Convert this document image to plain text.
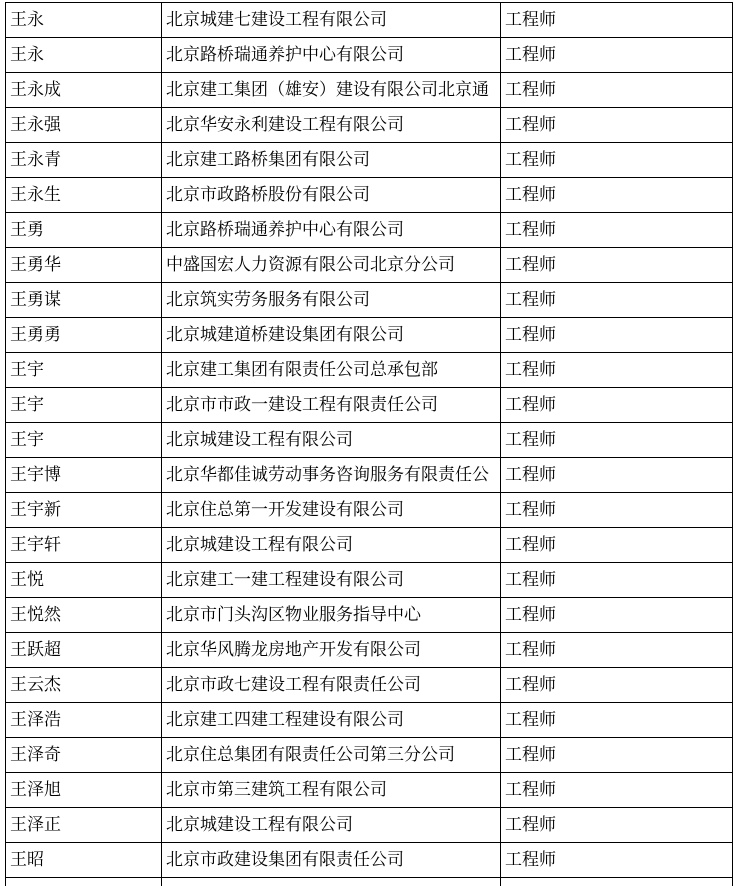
王永	北京城建七建设工程有限公司	工程师
王永	北京路桥瑞通养护中心有限公司	工程师
王永成	北京建工集团（雄安）建设有限公司北京通	工程师
王永强	北京华安永利建设工程有限公司	工程师
王永青	北京建工路桥集团有限公司	工程师
王永生	北京市政路桥股份有限公司	工程师
王勇	北京路桥瑞通养护中心有限公司	工程师
王勇华	中盛国宏人力资源有限公司北京分公司	工程师
王勇谋	北京筑实劳务服务有限公司	工程师
王勇勇	北京城建道桥建设集团有限公司	工程师
王宇	北京建工集团有限责任公司总承包部	工程师
王宇	北京市市政一建设工程有限责任公司	工程师
王宇	北京城建设工程有限公司	工程师
王宇博	北京华都佳诚劳动事务咨询服务有限责任公	工程师
王宇新	北京住总第一开发建设有限公司	工程师
王宇轩	北京城建设工程有限公司	工程师
王悦	北京建工一建工程建设有限公司	工程师
王悦然	北京市门头沟区物业服务指导中心	工程师
王跃超	北京华风腾龙房地产开发有限公司	工程师
王云杰	北京市政七建设工程有限责任公司	工程师
王泽浩	北京建工四建工程建设有限公司	工程师
王泽奇	北京住总集团有限责任公司第三分公司	工程师
王泽旭	北京市第三建筑工程有限公司	工程师
王泽正	北京城建设工程有限公司	工程师
王昭	北京市政建设集团有限责任公司	工程师
